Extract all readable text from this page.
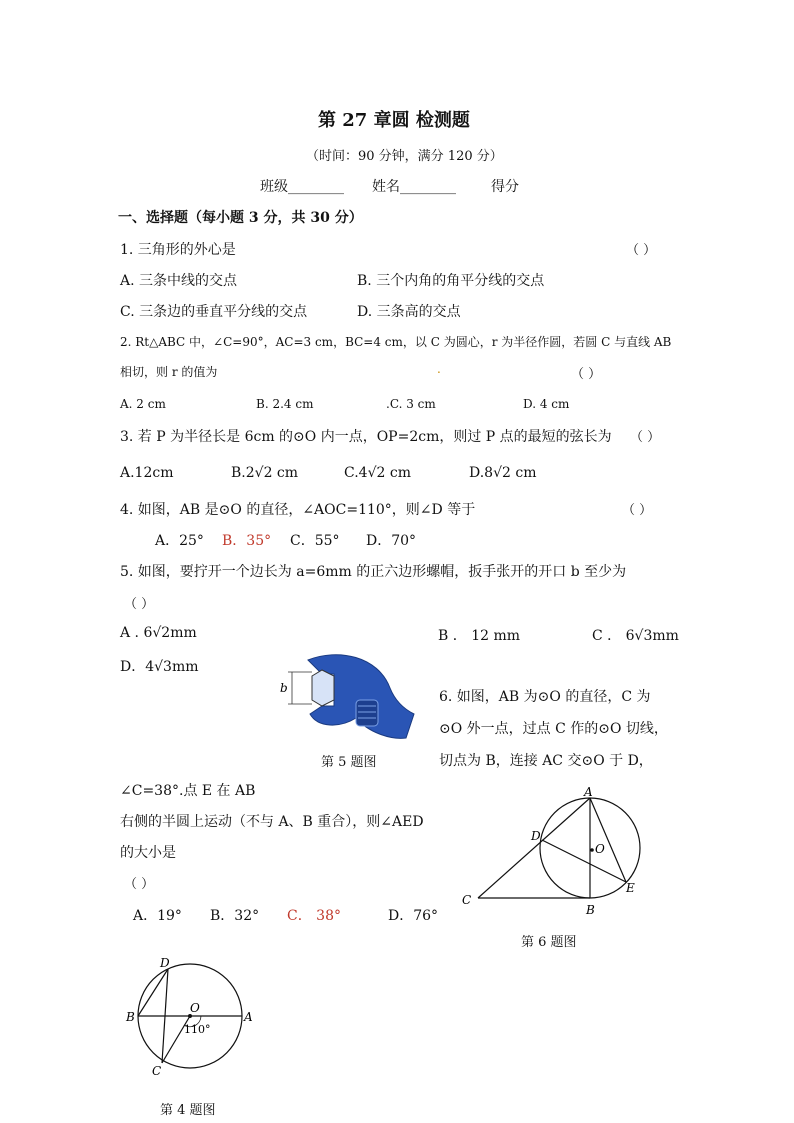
第 27 章圆 检测题
（时间：90 分钟，满分 120 分）
班级________ 姓名________	得分
一、选择题（每小题 3 分，共 30 分）
1. 三角形的外心是	（ ）
A. 三条中线的交点	B. 三个内角的角平分线的交点
C. 三条边的垂直平分线的交点	D. 三条高的交点
2. Rt△ABC 中，∠C=90°，AC=3 cm，BC=4 cm，以 C 为圆心，r 为半径作圆，若圆 C 与直线 AB
相切，则 r 的值为	.	（ ）
A. 2 cm	B. 2.4 cm	.C. 3 cm	D. 4 cm
3. 若 P 为半径长是 6cm 的⊙O 内一点，OP=2cm，则过 P 点的最短的弦长为 （ ）
A.12cm	B.2√2 cm	C.4√2 cm	D.8√2 cm
4. 如图，AB 是⊙O 的直径，∠AOC=110°，则∠D 等于	（ ）
A．25° B．35° C．55° D．70°
5. 如图，要拧开一个边长为 a=6mm 的正六边形螺帽，扳手张开的开口 b 至少为
（ ）
A . 6√2mm	B ． 12 mm	C ． 6√3mm
D．4√3mm
b
第 5 题图
6. 如图，AB 为⊙O 的直径，C 为
⊙O 外一点，过点 C 作的⊙O 切线，
切点为 B，连接 AC 交⊙O 于 D，
∠C=38°.点 E 在 AB
右侧的半圆上运动（不与 A、B 重合），则∠AED
的大小是
（ ）
A．19° B．32° C． 38°	D．76°
A
B
C
D
E
O
第 6 题图
D
B	A
C
O
110°
第 4 题图
